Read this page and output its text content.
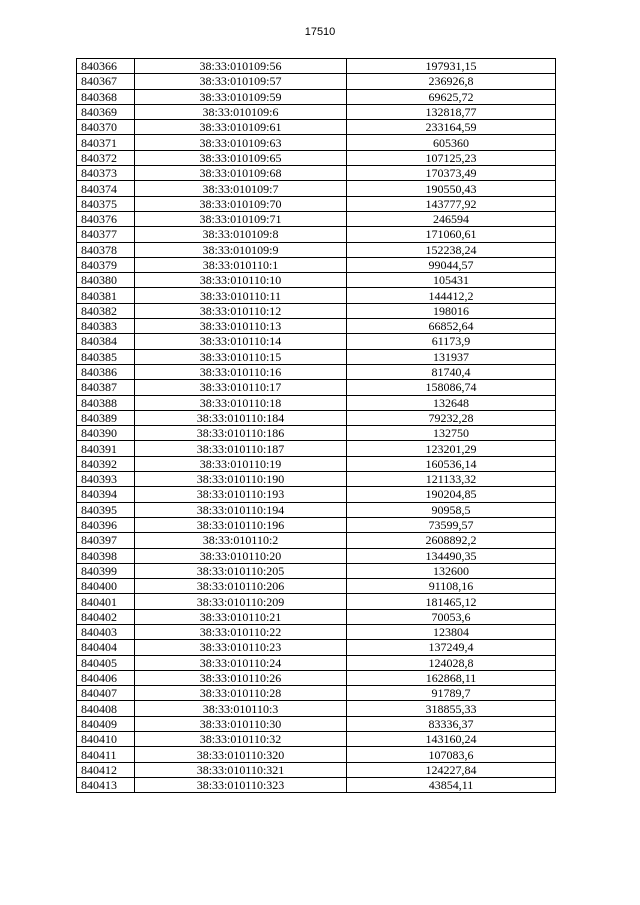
17510
840366	38:33:010109:56	197931,15
840367	38:33:010109:57	236926,8
840368	38:33:010109:59	69625,72
840369	38:33:010109:6	132818,77
840370	38:33:010109:61	233164,59
840371	38:33:010109:63	605360
840372	38:33:010109:65	107125,23
840373	38:33:010109:68	170373,49
840374	38:33:010109:7	190550,43
840375	38:33:010109:70	143777,92
840376	38:33:010109:71	246594
840377	38:33:010109:8	171060,61
840378	38:33:010109:9	152238,24
840379	38:33:010110:1	99044,57
840380	38:33:010110:10	105431
840381	38:33:010110:11	144412,2
840382	38:33:010110:12	198016
840383	38:33:010110:13	66852,64
840384	38:33:010110:14	61173,9
840385	38:33:010110:15	131937
840386	38:33:010110:16	81740,4
840387	38:33:010110:17	158086,74
840388	38:33:010110:18	132648
840389	38:33:010110:184	79232,28
840390	38:33:010110:186	132750
840391	38:33:010110:187	123201,29
840392	38:33:010110:19	160536,14
840393	38:33:010110:190	121133,32
840394	38:33:010110:193	190204,85
840395	38:33:010110:194	90958,5
840396	38:33:010110:196	73599,57
840397	38:33:010110:2	2608892,2
840398	38:33:010110:20	134490,35
840399	38:33:010110:205	132600
840400	38:33:010110:206	91108,16
840401	38:33:010110:209	181465,12
840402	38:33:010110:21	70053,6
840403	38:33:010110:22	123804
840404	38:33:010110:23	137249,4
840405	38:33:010110:24	124028,8
840406	38:33:010110:26	162868,11
840407	38:33:010110:28	91789,7
840408	38:33:010110:3	318855,33
840409	38:33:010110:30	83336,37
840410	38:33:010110:32	143160,24
840411	38:33:010110:320	107083,6
840412	38:33:010110:321	124227,84
840413	38:33:010110:323	43854,11
